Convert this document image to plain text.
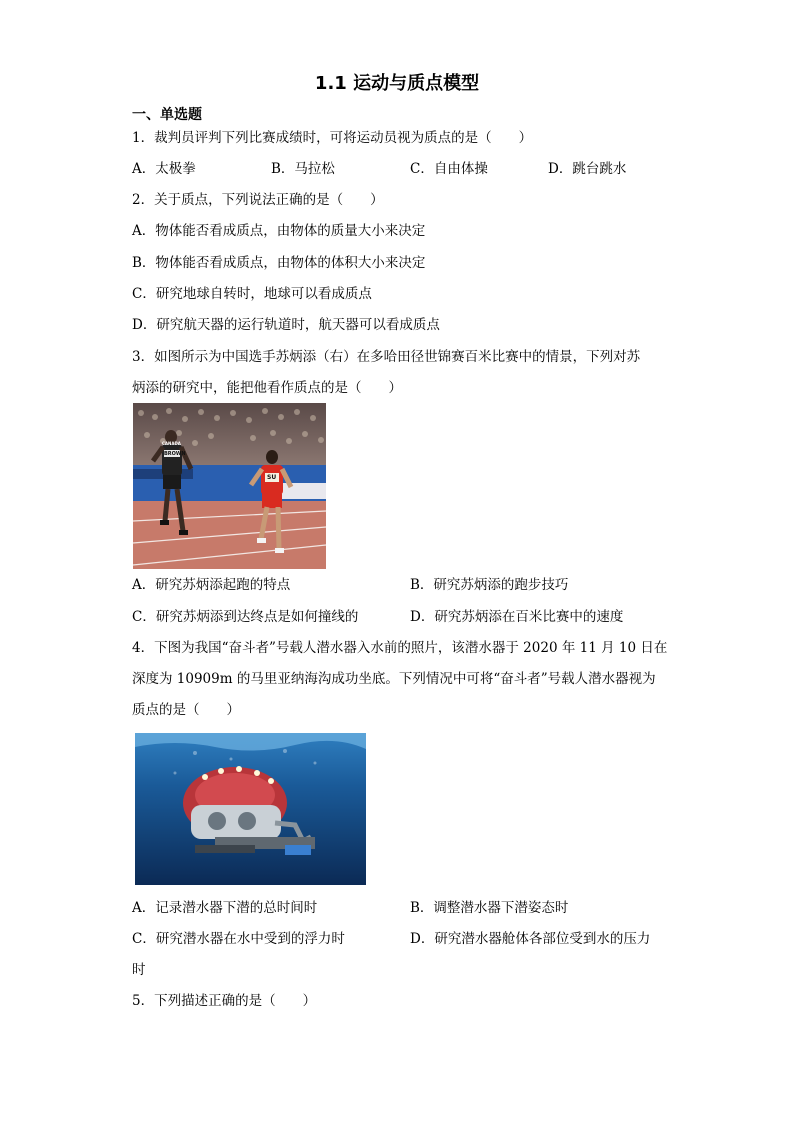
1.1 运动与质点模型
一、单选题
1．裁判员评判下列比赛成绩时，可将运动员视为质点的是（　　）
A．太极拳	B．马拉松	C．自由体操	D．跳台跳水
2．关于质点，下列说法正确的是（　　）
A．物体能否看成质点，由物体的质量大小来决定
B．物体能否看成质点，由物体的体积大小来决定
C．研究地球自转时，地球可以看成质点
D．研究航天器的运行轨道时，航天器可以看成质点
3．如图所示为中国选手苏炳添（右）在多哈田径世锦赛百米比赛中的情景，下列对苏
炳添的研究中，能把他看作质点的是（　　）
CANADA
BROWN
SU
A．研究苏炳添起跑的特点	B．研究苏炳添的跑步技巧
C．研究苏炳添到达终点是如何撞线的	D．研究苏炳添在百米比赛中的速度
4．下图为我国“奋斗者”号载人潜水器入水前的照片，该潜水器于 2020 年 11 月 10 日在
深度为 10909m 的马里亚纳海沟成功坐底。下列情况中可将“奋斗者”号载人潜水器视为
质点的是（　　）
A．记录潜水器下潜的总时间时	B．调整潜水器下潜姿态时
C．研究潜水器在水中受到的浮力时	D．研究潜水器舱体各部位受到水的压力
时
5．下列描述正确的是（　　）
